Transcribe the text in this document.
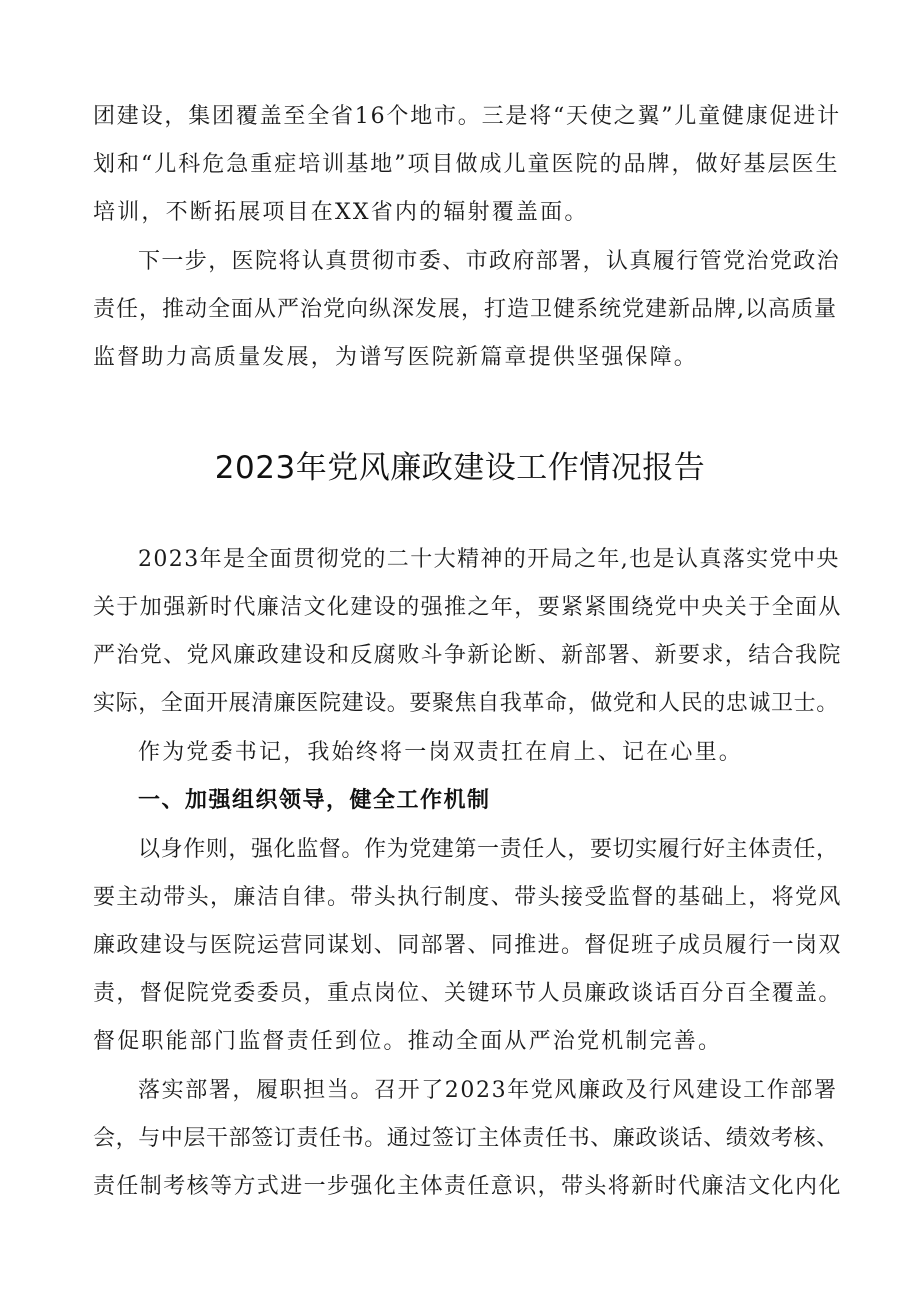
团建设，集团覆盖至全省16个地市。三是将“天使之翼”儿童健康促进计
划和“儿科危急重症培训基地”项目做成儿童医院的品牌，做好基层医生
培训，不断拓展项目在XX省内的辐射覆盖面。
下一步，医院将认真贯彻市委、市政府部署，认真履行管党治党政治
责任，推动全面从严治党向纵深发展，打造卫健系统党建新品牌,以高质量
监督助力高质量发展，为谱写医院新篇章提供坚强保障。
2023年党风廉政建设工作情况报告
2023年是全面贯彻党的二十大精神的开局之年,也是认真落实党中央
关于加强新时代廉洁文化建设的强推之年，要紧紧围绕党中央关于全面从
严治党、党风廉政建设和反腐败斗争新论断、新部署、新要求，结合我院
实际，全面开展清廉医院建设。要聚焦自我革命，做党和人民的忠诚卫士。
作为党委书记，我始终将一岗双责扛在肩上、记在心里。
一、加强组织领导，健全工作机制
以身作则，强化监督。作为党建第一责任人，要切实履行好主体责任，
要主动带头，廉洁自律。带头执行制度、带头接受监督的基础上，将党风
廉政建设与医院运营同谋划、同部署、同推进。督促班子成员履行一岗双
责，督促院党委委员，重点岗位、关键环节人员廉政谈话百分百全覆盖。
督促职能部门监督责任到位。推动全面从严治党机制完善。
落实部署，履职担当。召开了2023年党风廉政及行风建设工作部署
会，与中层干部签订责任书。通过签订主体责任书、廉政谈话、绩效考核、
责任制考核等方式进一步强化主体责任意识，带头将新时代廉洁文化内化
